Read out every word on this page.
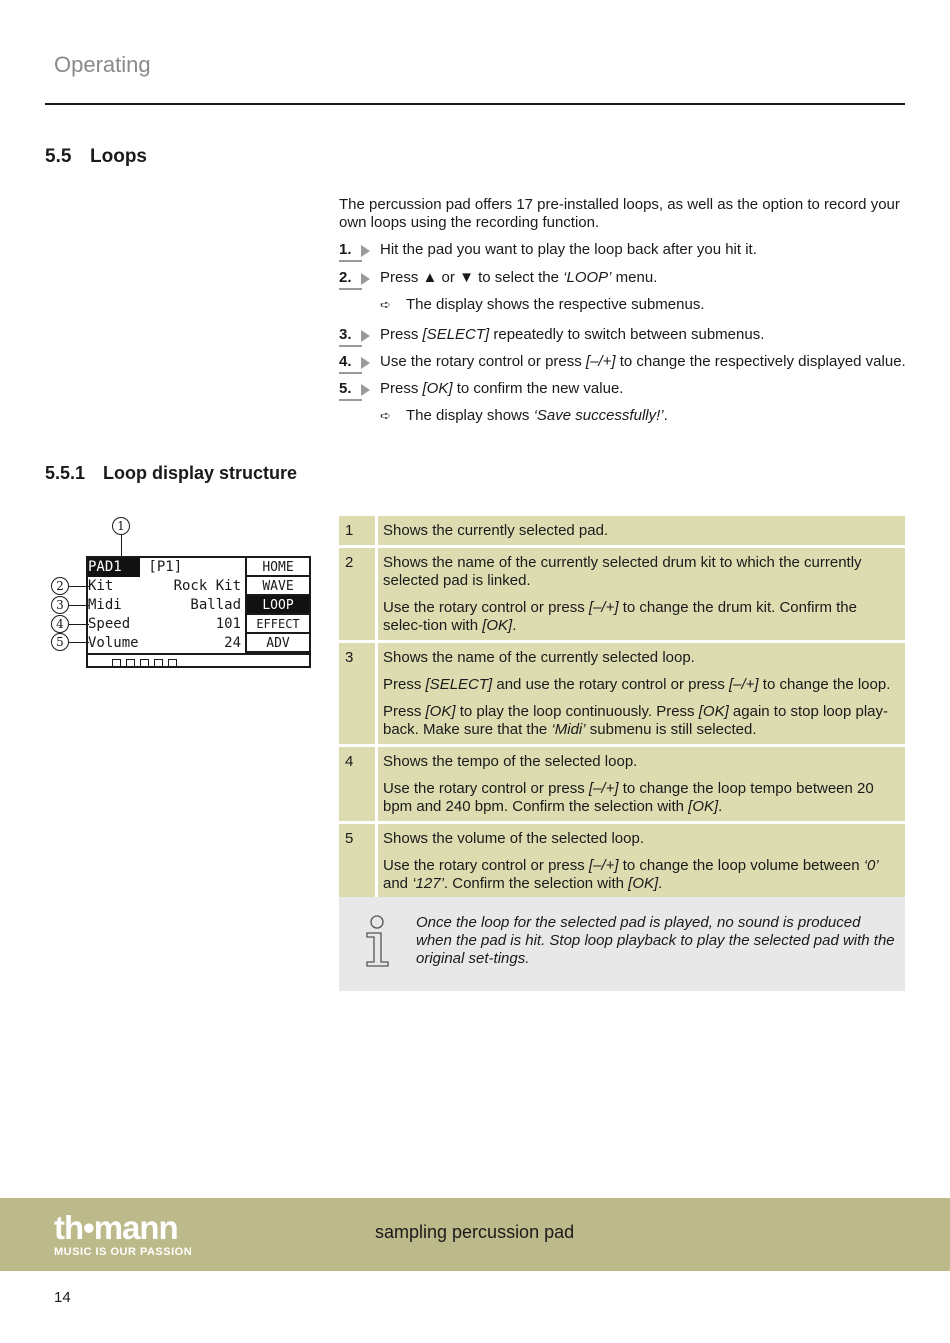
Operating
5.5 Loops
The percussion pad offers 17 pre-installed loops, as well as the option to record your own loops using the recording function.
1. Hit the pad you want to play the loop back after you hit it.
2. Press ▲ or ▼ to select the ‘LOOP’ menu.
➪ The display shows the respective submenus.
3. Press [SELECT] repeatedly to switch between submenus.
4. Use the rotary control or press [–/+] to change the respectively displayed value.
5. Press [OK] to confirm the new value.
➪ The display shows ‘Save successfully!’.
5.5.1 Loop display structure
1
2
3
4
5
PAD1 [P1]	HOME
Kit	Rock Kit	WAVE
Midi	Ballad	LOOP
Speed	101	EFFECT
Volume	24	ADV
1	Shows the currently selected pad.

2	Shows the name of the currently selected drum kit to which the currently selected pad is linked.

Use the rotary control or press [–/+] to change the drum kit. Confirm the selec-tion with [OK].

3	Shows the name of the currently selected loop.

Press [SELECT] and use the rotary control or press [–/+] to change the loop.

Press [OK] to play the loop continuously. Press [OK] again to stop loop play-back. Make sure that the ‘Midi’ submenu is still selected.

4	Shows the tempo of the selected loop.

Use the rotary control or press [–/+] to change the loop tempo between 20 bpm and 240 bpm. Confirm the selection with [OK].

5	Shows the volume of the selected loop.

Use the rotary control or press [–/+] to change the loop volume between ‘0’ and ‘127’. Confirm the selection with [OK].

Once the loop for the selected pad is played, no sound is produced when the pad is hit. Stop loop playback to play the selected pad with the original set-tings.
th•mann
MUSIC IS OUR PASSION
sampling percussion pad
14
